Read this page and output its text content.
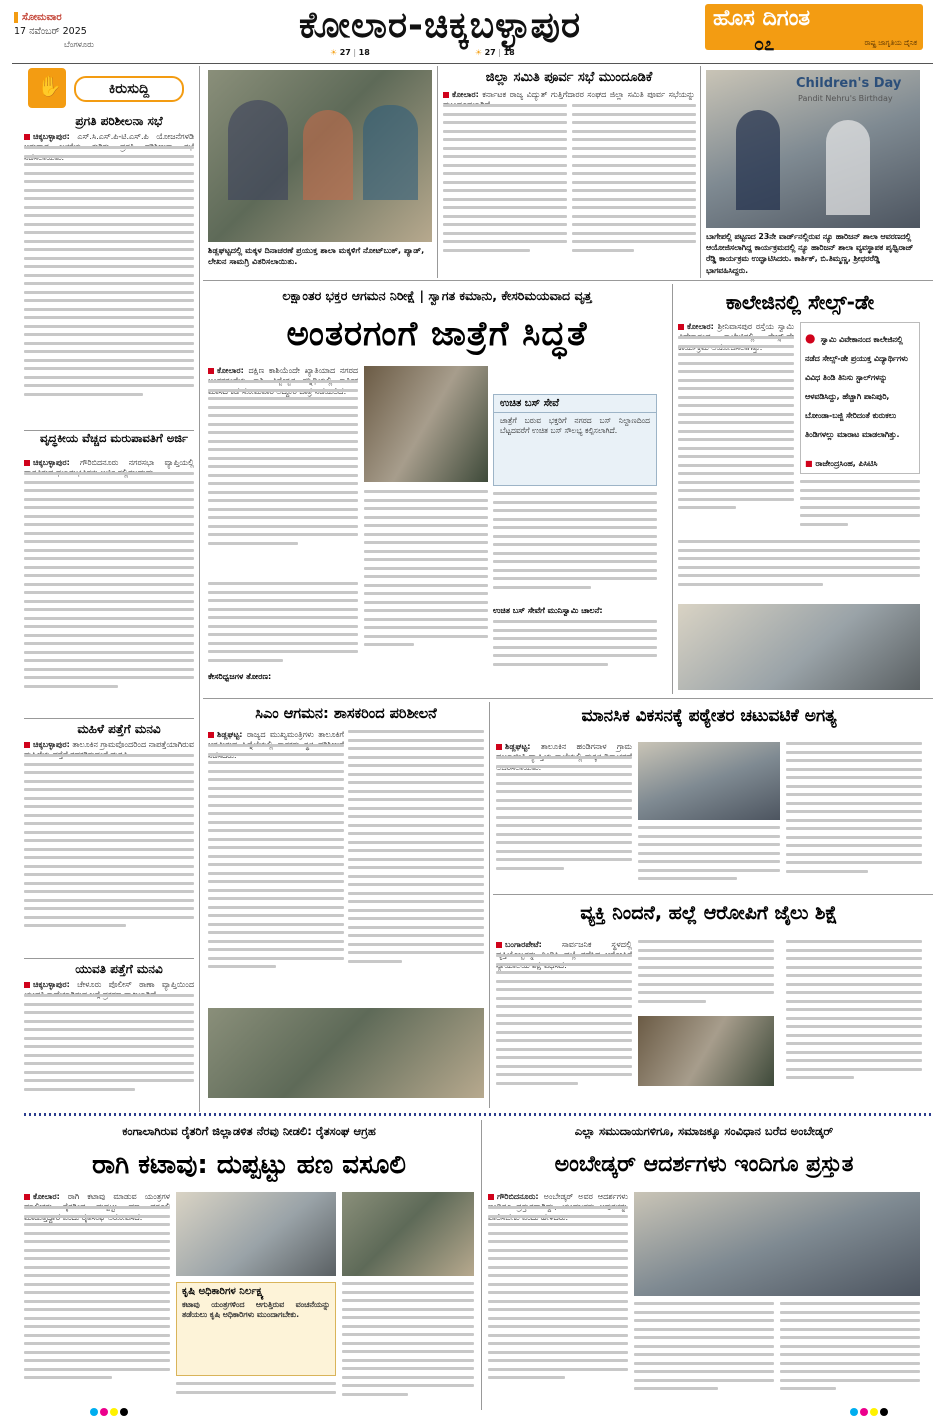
ಸೋಮವಾರ
17 ನವೆಂಬರ್ 2025
ಬೆಂಗಳೂರು	ಕೋಲಾರ-ಚಿಕ್ಕಬಳ್ಳಾಪುರ
☀ 27 | 18	☀ 27 | 18
ಹೊಸ ದಿಗಂತ
ರಾಷ್ಟ್ರ ಜಾಗೃತಿಯ ದೈನಿಕ
೦೭
✋	ಕಿರುಸುದ್ದಿ
ಪ್ರಗತಿ ಪರಿಶೀಲನಾ ಸಭೆ
ಚಿಕ್ಕಬಳ್ಳಾಪುರ: ಎಸ್.ಸಿ.ಎಸ್.ಪಿ-ಟಿ.ಎಸ್.ಪಿ ಯೋಜನೆಗಳಡಿ
ವೃದ್ಧಕೀಯ ವೆಚ್ಚದ ಮರುಪಾವತಿಗೆ ಅರ್ಜಿ
ಚಿಕ್ಕಬಳ್ಳಾಪುರ: ಗೌರಿಬಿದನೂರು ನಗರಸಭಾ ವ್ಯಾಪ್ತಿಯಲ್ಲಿ
ಮಹಿಳೆ ಪತ್ತೆಗೆ ಮನವಿ
ಚಿಕ್ಕಬಳ್ಳಾಪುರ: ತಾಲೂಕಿನ ಗ್ರಾಮವೊಂದರಿಂದ ನಾಪತ್ತೆಯಾಗಿರುವ
ಯುವತಿ ಪತ್ತೆಗೆ ಮನವಿ
ಚಿಕ್ಕಬಳ್ಳಾಪುರ: ಚೇಳೂರು ಪೊಲೀಸ್ ಠಾಣಾ ವ್ಯಾಪ್ತಿಯಿಂದ
ಶಿಡ್ಲಘಟ್ಟದಲ್ಲಿ ಮಕ್ಕಳ ದಿನಾಚರಣೆ ಪ್ರಯುಕ್ತ ಶಾಲಾ ಮಕ್ಕಳಿಗೆ ನೋಟ್‌ಬುಕ್, ಪ್ಯಾಡ್, ಲೇಖನ ಸಾಮಗ್ರಿ ವಿತರಿಸಲಾಯಿತು.
ಜಿಲ್ಲಾ ಸಮಿತಿ ಪೂರ್ವ ಸಭೆ ಮುಂದೂಡಿಕೆ
ಕೋಲಾರ: ಕರ್ನಾಟಕ ರಾಜ್ಯ ವಿದ್ಯುತ್ ಗುತ್ತಿಗೆದಾರರ ಸಂಘದ ಜಿಲ್ಲಾ ಸಮಿತಿ ಪೂರ್ವ ಸಭೆಯನ್ನು
Children's Day
Pandit Nehru's Birthday
ಬಾಗೇಪಲ್ಲಿ ಪಟ್ಟಣದ 23ನೇ ವಾರ್ಡ್‌ನಲ್ಲಿರುವ ನ್ಯೂ ಹಾರಿಜನ್ ಶಾಲಾ ಆವರಣದಲ್ಲಿ ಆಯೋಜಿಸಲಾಗಿದ್ದ ಕಾರ್ಯಕ್ರಮದಲ್ಲಿ ನ್ಯೂ ಹಾರಿಜನ್ ಶಾಲಾ ವ್ಯವಸ್ಥಾಪಕ ಪೃಥ್ವಿರಾಜ್ ರೆಡ್ಡಿ ಕಾರ್ಯಕ್ರಮ ಉದ್ಘಾಟಿಸಿದರು. ಕಾರ್ತಿಕ್, ಬಿ.ತಿಮ್ಮಣ್ಣ, ಶ್ರೀಧರರೆಡ್ಡಿ ಭಾಗವಹಿಸಿದ್ದರು.
ಲಕ್ಷಾಂತರ ಭಕ್ತರ ಆಗಮನ ನಿರೀಕ್ಷೆ | ಸ್ವಾಗತ ಕಮಾನು, ಕೇಸರಿಮಯವಾದ ವೃತ್ತ
ಅಂತರಗಂಗೆ ಜಾತ್ರೆಗೆ ಸಿದ್ಧತೆ
ಕೋಲಾರ: ದಕ್ಷಿಣ ಕಾಶಿಯೆಂದೇ ಖ್ಯಾತಿಯಾದ ನಗರದ
ಉಚಿತ ಬಸ್ ಸೇವೆ
ಜಾತ್ರೆಗೆ ಬರುವ ಭಕ್ತರಿಗೆ ನಗರದ ಬಸ್ ನಿಲ್ದಾಣದಿಂದ ಬೆಟ್ಟದವರೆಗೆ ಉಚಿತ ಬಸ್ ಸೌಲಭ್ಯ ಕಲ್ಪಿಸಲಾಗಿದೆ.
ಉಚಿತ ಬಸ್ ಸೇವೆಗೆ ಮುನಿಸ್ವಾಮಿ ಚಾಲನೆ:
ಕೇಸರಿಧ್ವಜಗಳ ತೋರಣ:
ಕಾಲೇಜಿನಲ್ಲಿ ಸೇಲ್ಸ್-ಡೇ
ಕೋಲಾರ: ಶ್ರೀನಿವಾಸಪುರ ರಸ್ತೆಯ ಸ್ವಾಮಿ
● ಸ್ವಾಮಿ ವಿವೇಕಾನಂದ ಕಾಲೇಜಿನಲ್ಲಿ ನಡೆದ ಸೇಲ್ಸ್-ಡೇ ಪ್ರಯುಕ್ತ ವಿದ್ಯಾರ್ಥಿಗಳು ವಿವಿಧ ತಿಂಡಿ ತಿನಿಸು ಸ್ಟಾಲ್‌ಗಳನ್ನು ಆಳವಡಿಸಿದ್ದು, ಹೆಚ್ಚಾಗಿ ಪಾನಿಪುರಿ, ಬೋಂಡಾ-ಬಜ್ಜಿ ಸೇರಿದಂತೆ ಕುರುಕಲು ತಿಂಡಿಗಳಲ್ಲು ಮಾರಾಟ ಮಾಡಲಾಗಿತ್ತು.
■ ರಾಜೇಂದ್ರಸಿಂಹ, ಪಿಸಿಟಿಸಿ
ಸಿಎಂ ಆಗಮನ: ಶಾಸಕರಿಂದ ಪರಿಶೀಲನೆ
ಶಿಡ್ಲಘಟ್ಟ: ರಾಜ್ಯದ ಮುಖ್ಯಮಂತ್ರಿಗಳು ತಾಲೂಕಿಗೆ
ಮಾನಸಿಕ ವಿಕಸನಕ್ಕೆ ಪಠ್ಯೇತರ ಚಟುವಟಿಕೆ ಅಗತ್ಯ
ಶಿಡ್ಲಘಟ್ಟ: ತಾಲೂಕಿನ ಹಂಡಿಗನಾಳ ಗ್ರಾಮ
ವ್ಯಕ್ತಿ ನಿಂದನೆ, ಹಲ್ಲೆ ಆರೋಪಿಗೆ ಜೈಲು ಶಿಕ್ಷೆ
ಬಂಗಾರಪೇಟೆ: ಸಾರ್ವಜನಿಕ ಸ್ಥಳದಲ್ಲಿ
ಕಂಗಾಲಾಗಿರುವ ರೈತರಿಗೆ ಜಿಲ್ಲಾಡಳಿತ ನೆರವು ನೀಡಲಿ: ರೈತಸಂಘ ಆಗ್ರಹ
ರಾಗಿ ಕಟಾವು: ದುಪ್ಪಟ್ಟು ಹಣ ವಸೂಲಿ
ಕೋಲಾರ: ರಾಗಿ ಕಟಾವು ಮಾಡುವ ಯಂತ್ರಗಳ
ಕೃಷಿ ಅಧಿಕಾರಿಗಳ ನಿರ್ಲಕ್ಷ್ಯ
ಕಟಾವು ಯಂತ್ರಗಳಿಂದ ಆಗುತ್ತಿರುವ ವಂಚನೆಯನ್ನು ತಡೆಯಲು ಕೃಷಿ ಅಧಿಕಾರಿಗಳು ಮುಂದಾಗಬೇಕು.
ಎಲ್ಲಾ ಸಮುದಾಯಗಳಿಗೂ, ಸಮಾಜಕ್ಕೂ ಸಂವಿಧಾನ ಬರೆದ ಅಂಬೇಡ್ಕರ್
ಅಂಬೇಡ್ಕರ್ ಆದರ್ಶಗಳು ಇಂದಿಗೂ ಪ್ರಸ್ತುತ
ಗೌರಿಬಿದನೂರು: ಅಂಬೇಡ್ಕರ್ ಅವರ ಆದರ್ಶಗಳು
